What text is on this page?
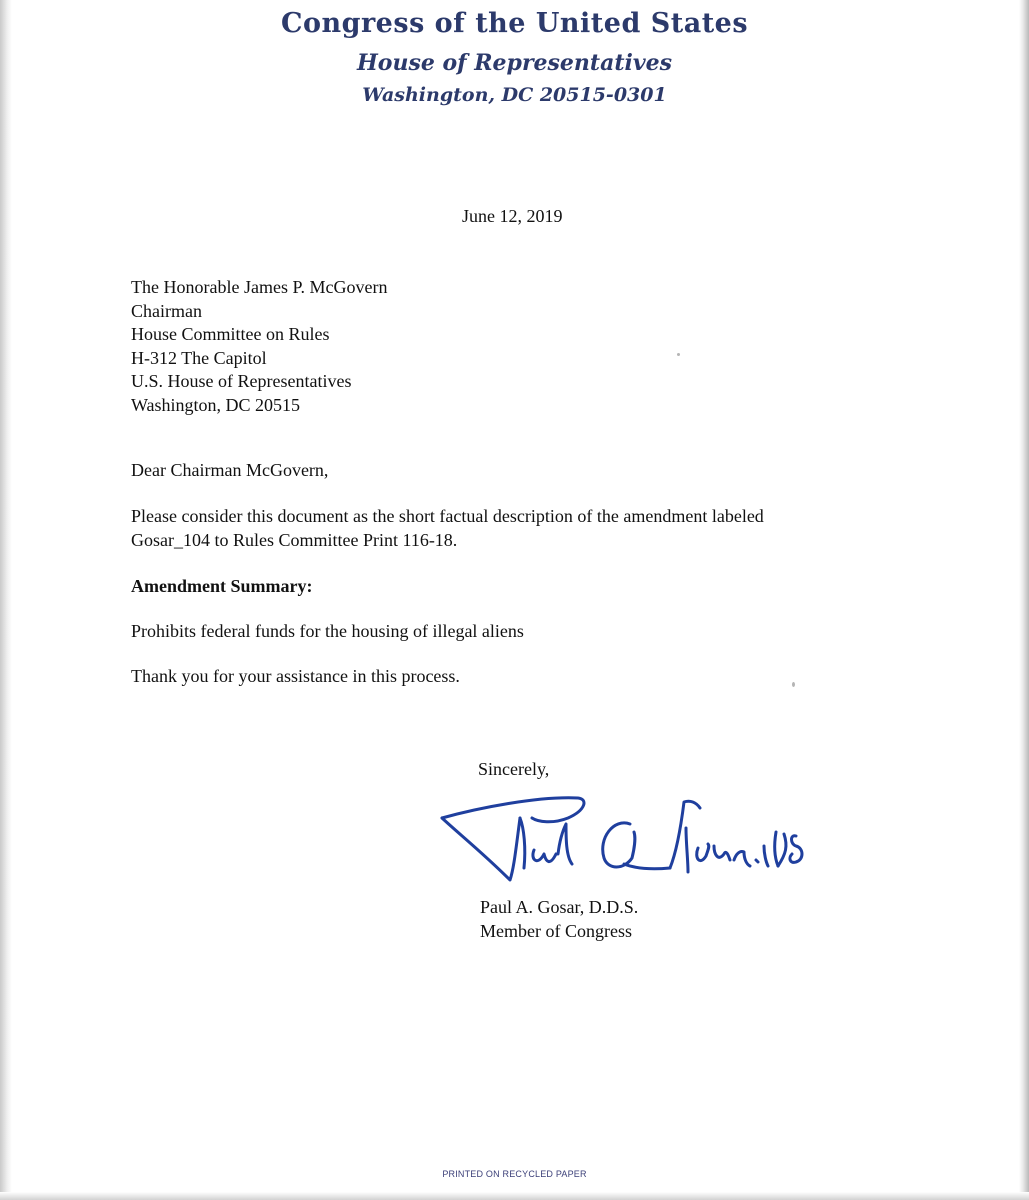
Congress of the United States
House of Representatives
Washington, DC 20515-0301
June 12, 2019
The Honorable James P. McGovern
Chairman
House Committee on Rules
H-312 The Capitol
U.S. House of Representatives
Washington, DC 20515
Dear Chairman McGovern,
Please consider this document as the short factual description of the amendment labeled
Gosar_104 to Rules Committee Print 116-18.
Amendment Summary:
Prohibits federal funds for the housing of illegal aliens
Thank you for your assistance in this process.
Sincerely,
Paul A. Gosar, D.D.S.
Member of Congress
PRINTED ON RECYCLED PAPER
